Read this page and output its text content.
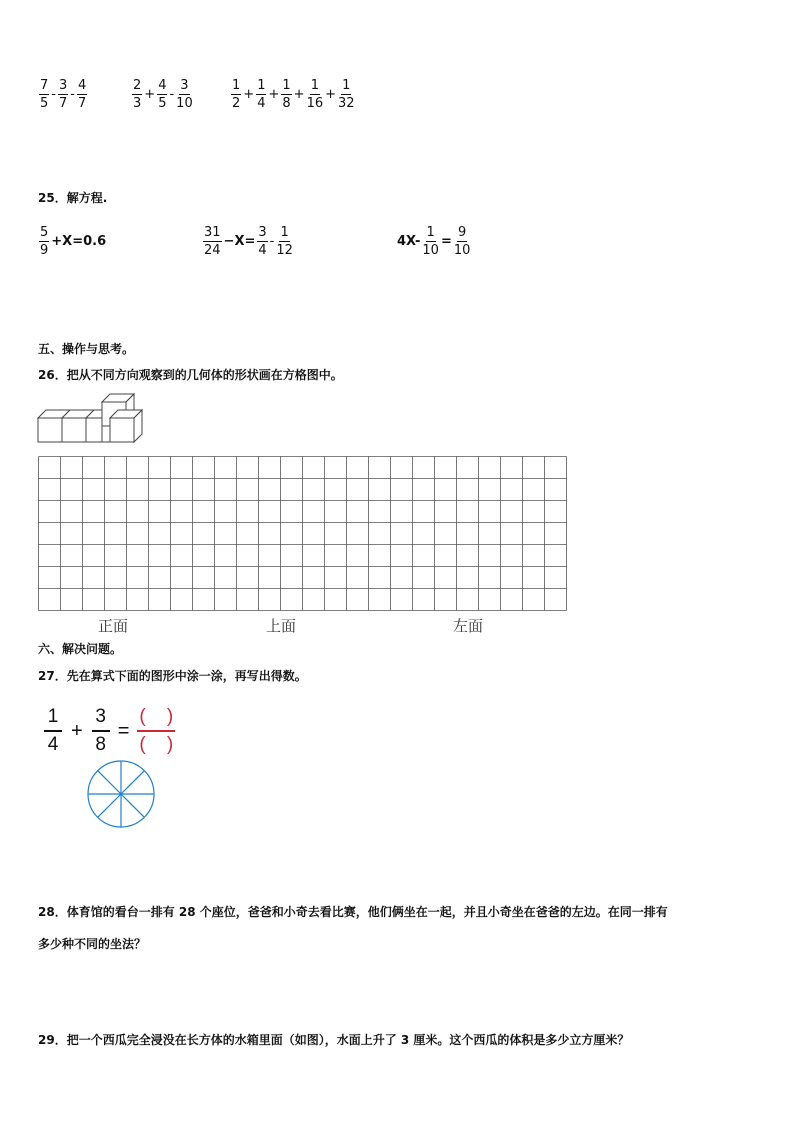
$\frac{7}{5} - \frac{3}{7} - \frac{4}{7}$	$\frac{2}{3} + \frac{4}{5} - \frac{3}{10}$	$\frac{1}{2} + \frac{1}{4} + \frac{1}{8} + \frac{1}{16} + \frac{1}{32}$
25．解方程.
$\frac{5}{9} +X=0.6$	$\frac{31}{24} -X= \frac{3}{4} - \frac{1}{12}$	$4X- \frac{1}{10} = \frac{9}{10}$
五、操作与思考。
26．把从不同方向观察到的几何体的形状画在方格图中。
正面	上面	左面
六、解决问题。
27．先在算式下面的图形中涂一涂，再写出得数。
$\frac{1}{4} + \frac{3}{8} = \frac{( )}{( )}$
28．体育馆的看台一排有 28 个座位，爸爸和小奇去看比赛，他们俩坐在一起，并且小奇坐在爸爸的左边。在同一排有
多少种不同的坐法？
29．把一个西瓜完全浸没在长方体的水箱里面（如图），水面上升了 3 厘米。这个西瓜的体积是多少立方厘米？
